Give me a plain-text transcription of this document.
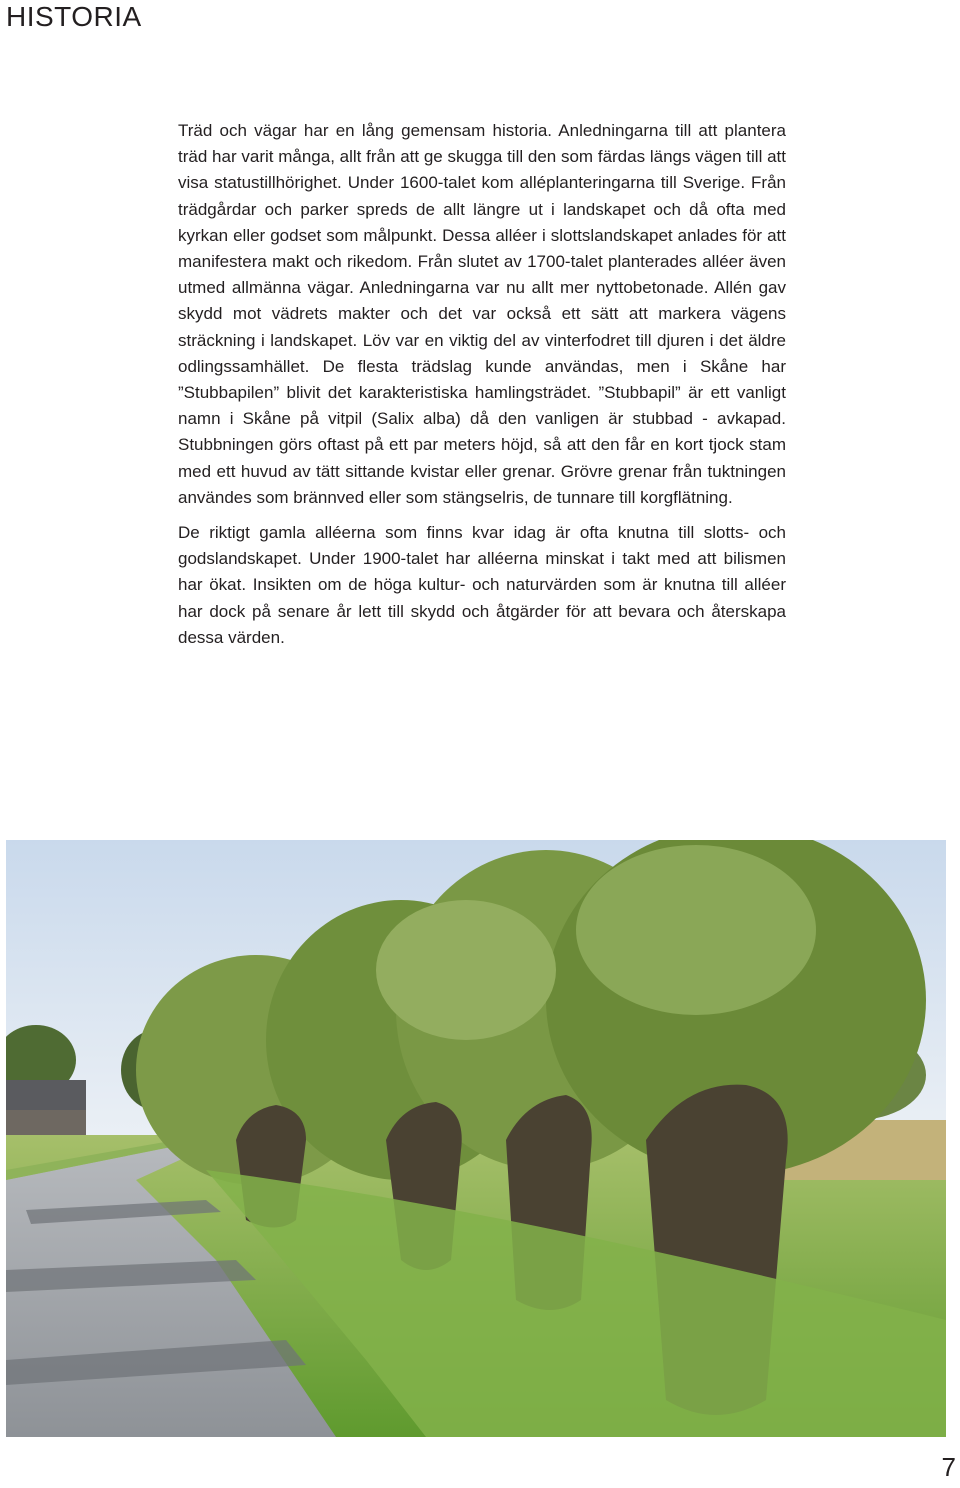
HISTORIA

Träd och vägar har en lång gemensam historia. Anledningarna till att plantera träd har varit många, allt från att ge skugga till den som färdas längs vägen till att visa statustillhörighet. Under 1600-talet kom alléplanteringarna till Sverige. Från trädgårdar och parker spreds de allt längre ut i landskapet och då ofta med kyrkan eller godset som målpunkt. Dessa alléer i slottslandskapet anlades för att manifestera makt och rikedom. Från slutet av 1700-talet planterades alléer även utmed allmänna vägar. Anledningarna var nu allt mer nyttobetonade. Allén gav skydd mot vädrets makter och det var också ett sätt att markera vägens sträckning i landskapet. Löv var en viktig del av vinterfodret till djuren i det äldre odlingssamhället. De flesta trädslag kunde användas, men i Skåne har ”Stubbapilen” blivit det karakteristiska hamlingsträdet. ”Stubbapil” är ett vanligt namn i Skåne på vitpil (Salix alba) då den vanligen är stubbad - avkapad. Stubbningen görs oftast på ett par meters höjd, så att den får en kort tjock stam med ett huvud av tätt sittande kvistar eller grenar. Grövre grenar från tuktningen användes som brännved eller som stängselris, de tunnare till korgflätning.

De riktigt gamla alléerna som finns kvar idag är ofta knutna till slotts- och godslandskapet. Under 1900-talet har alléerna minskat i takt med att bilismen har ökat. Insikten om de höga kultur- och naturvärden som är knutna till alléer har dock på senare år lett till skydd och åtgärder för att bevara och återskapa dessa värden.

7
